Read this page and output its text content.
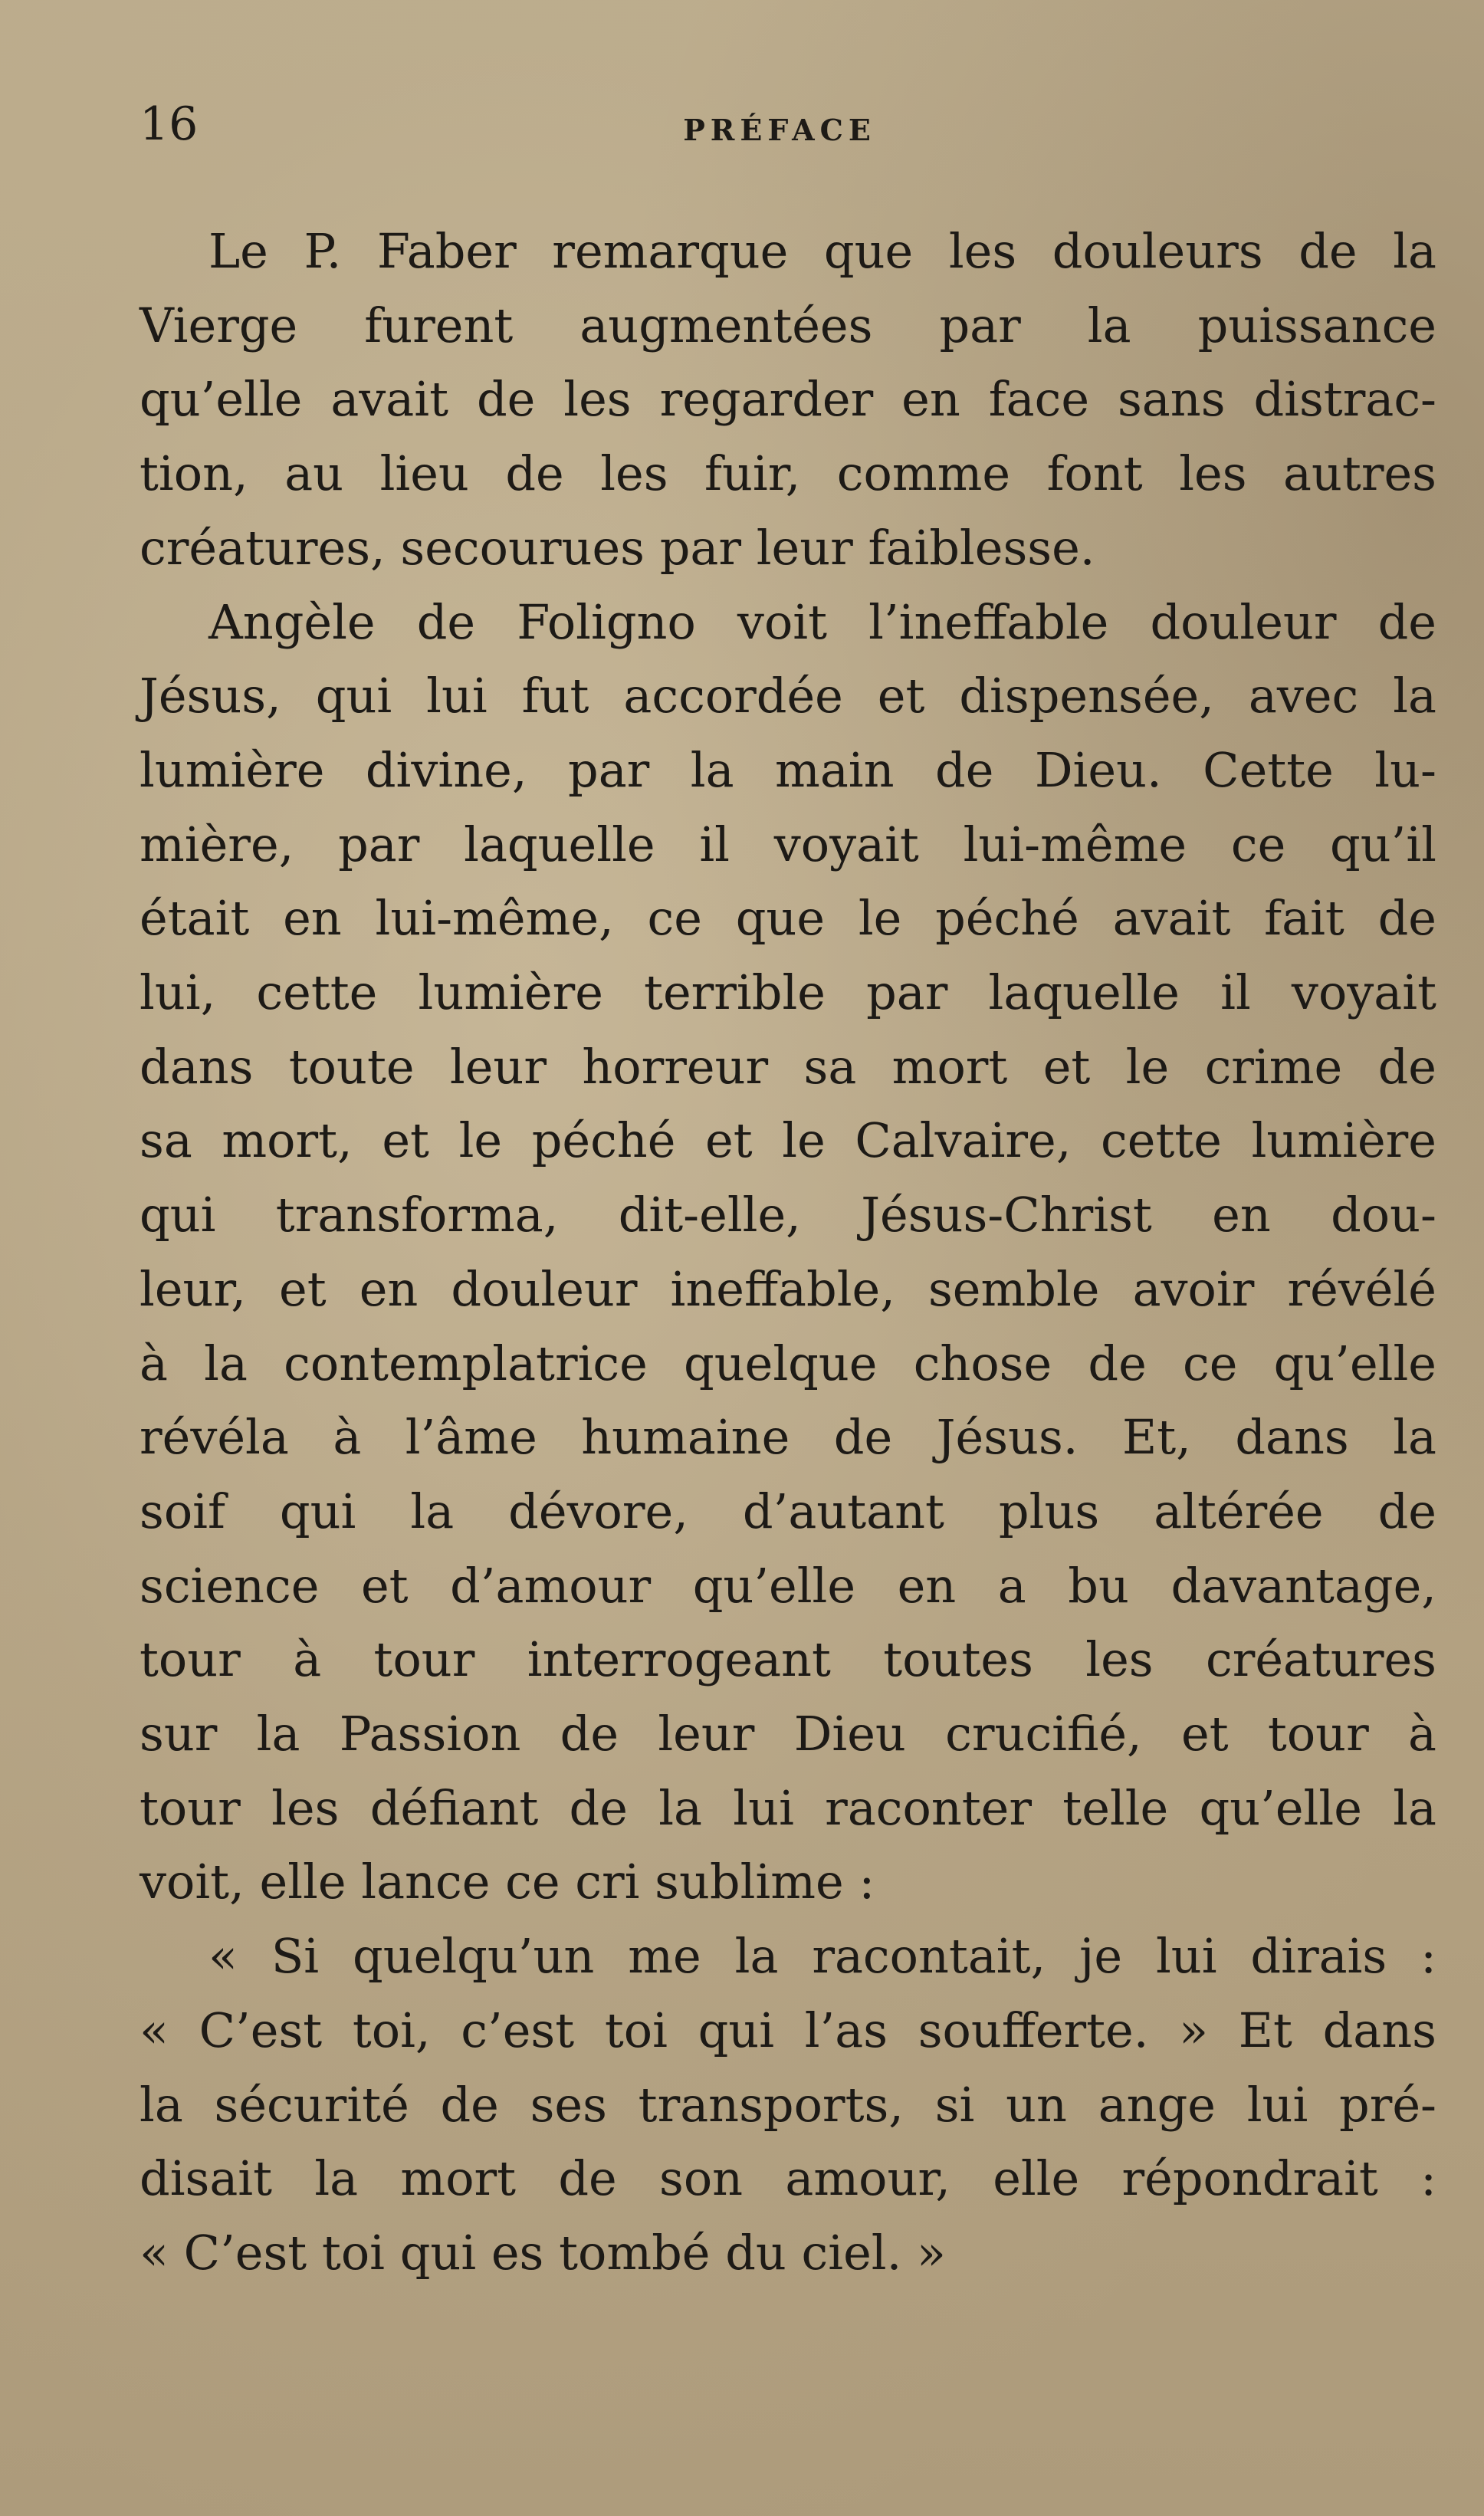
16	PRÉFACE

Le P. Faber remarque que les douleurs de la
Vierge furent augmentées par la puissance
qu’elle avait de les regarder en face sans distrac-
tion, au lieu de les fuir, comme font les autres
créatures, secourues par leur faiblesse.

Angèle de Foligno voit l’ineffable douleur de
Jésus, qui lui fut accordée et dispensée, avec la
lumière divine, par la main de Dieu. Cette lu-
mière, par laquelle il voyait lui-même ce qu’il
était en lui-même, ce que le péché avait fait de
lui, cette lumière terrible par laquelle il voyait
dans toute leur horreur sa mort et le crime de
sa mort, et le péché et le Calvaire, cette lumière
qui transforma, dit-elle, Jésus-Christ en dou-
leur, et en douleur ineffable, semble avoir révélé
à la contemplatrice quelque chose de ce qu’elle
révéla à l’âme humaine de Jésus. Et, dans la
soif qui la dévore, d’autant plus altérée de
science et d’amour qu’elle en a bu davantage,
tour à tour interrogeant toutes les créatures
sur la Passion de leur Dieu crucifié, et tour à
tour les défiant de la lui raconter telle qu’elle la
voit, elle lance ce cri sublime :

« Si quelqu’un me la racontait, je lui dirais :
« C’est toi, c’est toi qui l’as soufferte. » Et dans
la sécurité de ses transports, si un ange lui pré-
disait la mort de son amour, elle répondrait :
« C’est toi qui es tombé du ciel. »
